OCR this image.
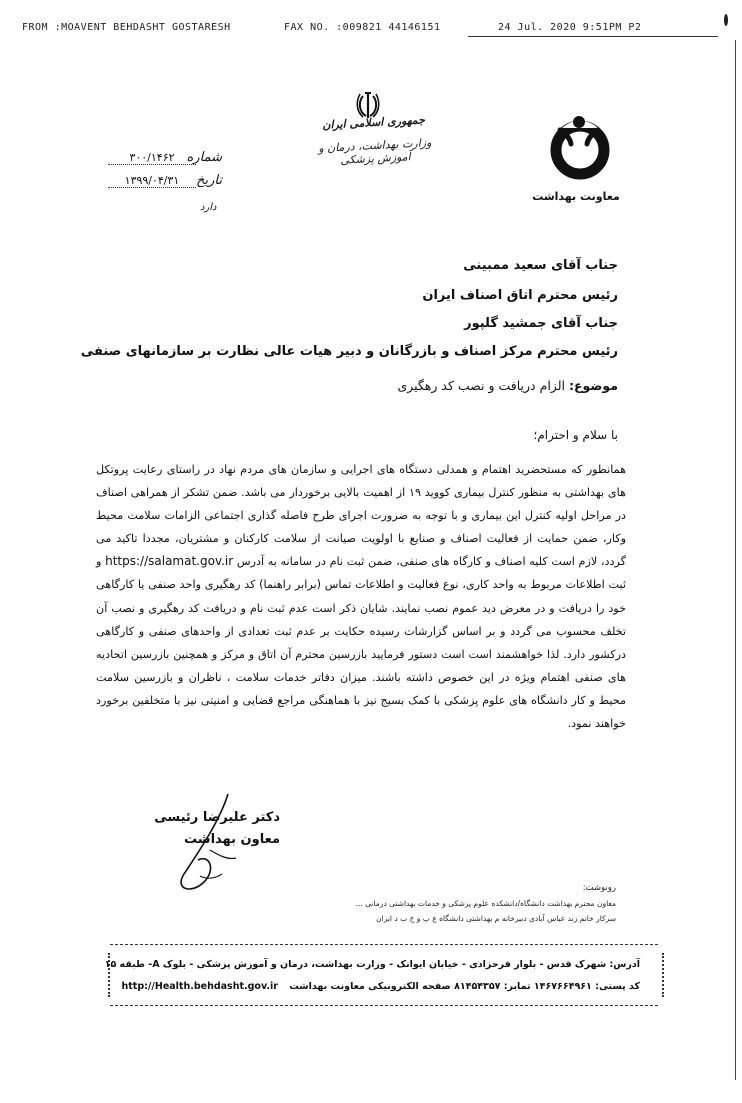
FROM :MOAVENT BEHDASHT GOSTARESH	FAX NO. :009821 44146151	24 Jul. 2020 9:51PM P2
جمهوری اسلامی ایران
وزارت بهداشت، درمان و آموزش پزشکی
معاونت بهداشت
شماره
۳۰۰/۱۴۶۲
تاریخ
۱۳۹۹/۰۴/۳۱
دارد
جناب آقای سعید ممبینی
رئیس محترم اتاق اصناف ایران
جناب آقای جمشید گلپور
رئیس محترم مرکز اصناف و بازرگانان و دبیر هیات عالی نظارت بر سازمانهای صنفی
موضوع: الزام دریافت و نصب کد رهگیری
با سلام و احترام؛

همانطور که مستحضرید اهتمام و همدلی دستگاه های اجرایی و سازمان های مردم نهاد در راستای رعایت پروتکل های بهداشتی به منظور کنترل بیماری کووید ۱۹ از اهمیت بالایی برخوردار می باشد. ضمن تشکر از همراهی اصناف در مراحل اولیه کنترل این بیماری و با توجه به ضرورت اجرای طرح فاصله گذاری اجتماعی الزامات سلامت محیط وکار، ضمن حمایت از فعالیت اصناف و صنایع با اولویت صیانت از سلامت کارکنان و مشتریان، مجددا تاکید می گردد، لازم است کلیه اصناف و کارگاه های صنفی، ضمن ثبت نام در سامانه به آدرس https://salamat.gov.ir و ثبت اطلاعات مربوط به واحد کاری، نوع فعالیت و اطلاعات تماس (برابر راهنما) کد رهگیری واحد صنفی یا کارگاهی خود را دریافت و در معرض دید عموم نصب نمایند. شایان ذکر است عدم ثبت نام و دریافت کد رهگیری و نصب آن تخلف محسوب می گردد و بر اساس گزارشات رسیده حکایت بر عدم ثبت تعدادی از واحدهای صنفی و کارگاهی درکشور دارد. لذا خواهشمند است است دستور فرمایید بازرسین محترم آن اتاق و مرکز و همچنین بازرسین اتحادیه های صنفی اهتمام ویژه در این خصوص داشته باشند. میزان دفاتر خدمات سلامت ، ناظران و بازرسین سلامت محیط و کار دانشگاه های علوم پزشکی با کمک بسیج نیز با هماهنگی مراجع قضایی و امنیتی نیز با متخلفین برخورد خواهند نمود.

دکتر علیرضا رئیسی
معاون بهداشت
رونوشت:
معاون محترم بهداشت دانشگاه/دانشکده علوم پزشکی و خدمات بهداشتی درمانی ...
سرکار خانم زند عباس آبادی دبیرخانه م بهداشتی دانشگاه ع پ و خ ب د ایران
آدرس: شهرک قدس - بلوار فرحزادی - خیابان ایوانک - وزارت بهداشت، درمان و آموزش پزشکی - بلوک A- طبقه ۱۵
کد پستی: ۱۴۶۷۶۶۴۹۶۱ تمابر: ۸۱۴۵۴۳۵۷ صفحه الکترونیکی معاونت بهداشت http://Health.behdasht.gov.ir
